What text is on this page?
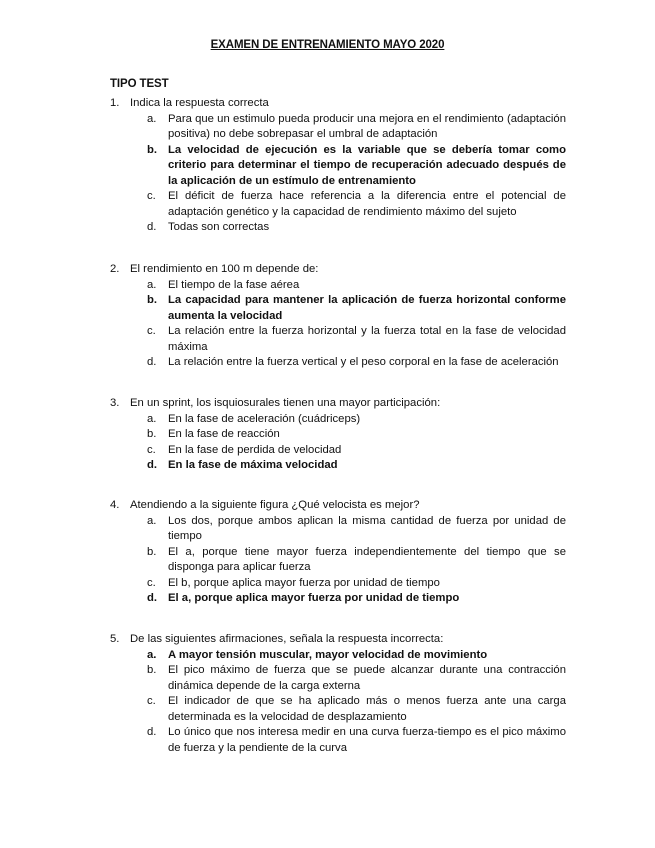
EXAMEN DE ENTRENAMIENTO MAYO 2020
TIPO TEST
1. Indica la respuesta correcta
a.	Para que un estimulo pueda producir una mejora en el rendimiento (adaptación positiva) no debe sobrepasar el umbral de adaptación
b. La velocidad de ejecución es la variable que se debería tomar como criterio para determinar el tiempo de recuperación adecuado después de la aplicación de un estímulo de entrenamiento
c.	El déficit de fuerza hace referencia a la diferencia entre el potencial de adaptación genético y la capacidad de rendimiento máximo del sujeto
d.	Todas son correctas
2. El rendimiento en 100 m depende de:
a.	El tiempo de la fase aérea
b. La capacidad para mantener la aplicación de fuerza horizontal conforme aumenta la velocidad
c.	La relación entre la fuerza horizontal y la fuerza total en la fase de velocidad máxima
d.	La relación entre la fuerza vertical y el peso corporal en la fase de aceleración
3. En un sprint, los isquiosurales tienen una mayor participación:
a.	En la fase de aceleración (cuádriceps)
b.	En la fase de reacción
c.	En la fase de perdida de velocidad
d. En la fase de máxima velocidad
4. Atendiendo a la siguiente figura ¿Qué velocista es mejor?
a.	Los dos, porque ambos aplican la misma cantidad de fuerza por unidad de tiempo
b.	El a, porque tiene mayor fuerza independientemente del tiempo que se disponga para aplicar fuerza
c.	El b, porque aplica mayor fuerza por unidad de tiempo
d. El a, porque aplica mayor fuerza por unidad de tiempo
5. De las siguientes afirmaciones, señala la respuesta incorrecta:
a.	A mayor tensión muscular, mayor velocidad de movimiento
b.	El pico máximo de fuerza que se puede alcanzar durante una contracción dinámica depende de la carga externa
c.	El indicador de que se ha aplicado más o menos fuerza ante una carga determinada es la velocidad de desplazamiento
d.	Lo único que nos interesa medir en una curva fuerza-tiempo es el pico máximo de fuerza y la pendiente de la curva
